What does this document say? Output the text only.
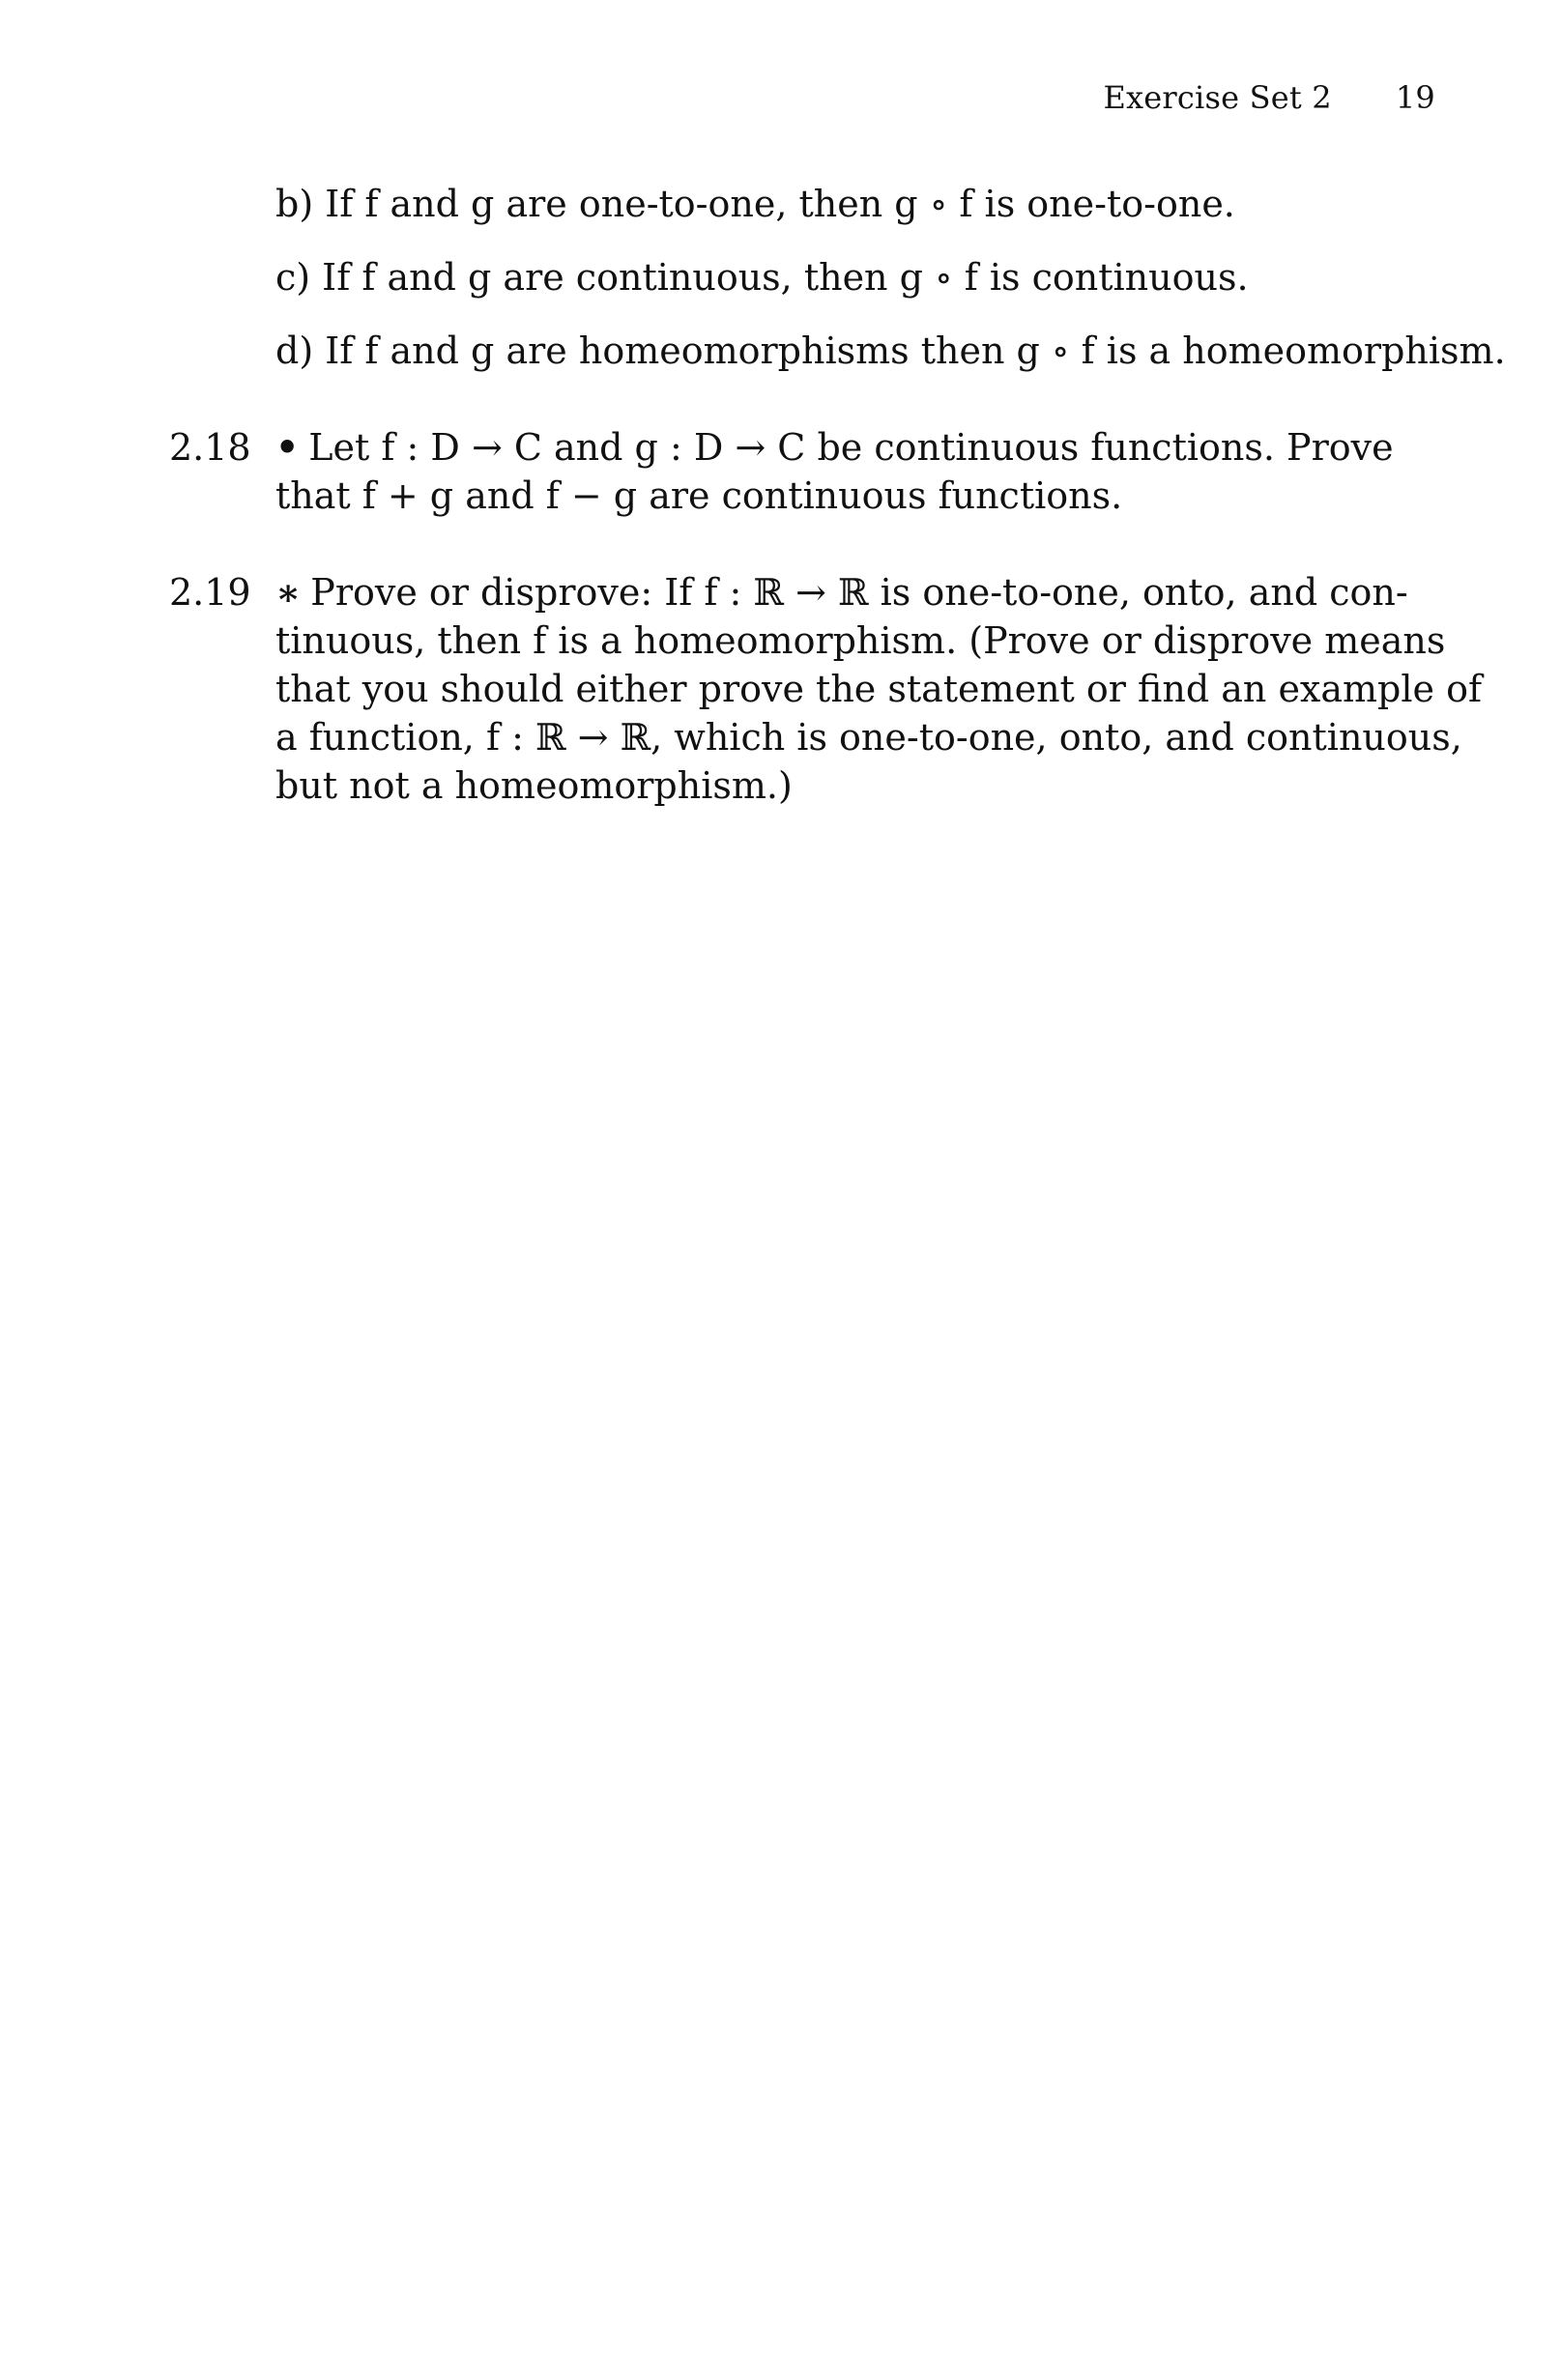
Exercise Set 2 19
b) If f and g are one-to-one, then g ∘ f is one-to-one.
c) If f and g are continuous, then g ∘ f is continuous.
d) If f and g are homeomorphisms then g ∘ f is a homeomorphism.
2.18 • Let f : D → C and g : D → C be continuous functions. Prove
that f + g and f − g are continuous functions.
2.19 ∗ Prove or disprove: If f : ℝ → ℝ is one-to-one, onto, and con-
tinuous, then f is a homeomorphism. (Prove or disprove means
that you should either prove the statement or find an example of
a function, f : ℝ → ℝ, which is one-to-one, onto, and continuous,
but not a homeomorphism.)
